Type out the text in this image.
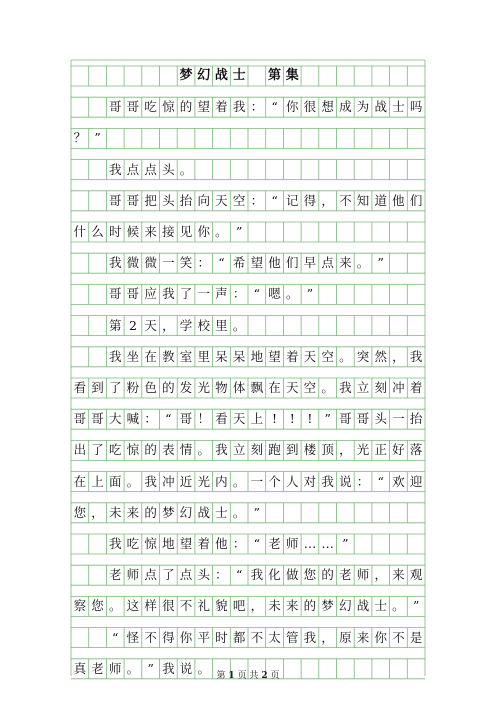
梦 幻 战 士 第 集
哥 哥 吃 惊 的 望 着 我 ： “ 你 很 想 成 为 战 士 吗
？ ”
我 点 点 头 。
哥 哥 把 头 抬 向 天 空 ： “ 记 得 ， 不 知 道 他 们
什 么 时 候 来 接 见 你 。 ”
我 微 微 一 笑 ： “ 希 望 他 们 早 点 来 。 ”
哥 哥 应 我 了 一 声 ： “ 嗯 。 ”
第 2 天 ， 学 校 里 。
我 坐 在 教 室 里 呆 呆 地 望 着 天 空 。 突 然 ， 我
看 到 了 粉 色 的 发 光 物 体 飘 在 天 空 。 我 立 刻 冲 着
哥 哥 大 喊 ： “ 哥 ！ 看 天 上 !	!	! ” 哥 哥 头 一 抬
出 了 吃 惊 的 表 情 。 我 立 刻 跑 到 楼 顶 ， 光 正 好 落
在 上 面 。 我 冲 近 光 内 。 一 个 人 对 我 说 ： “ 欢 迎
您 ， 未 来 的 梦 幻 战 士 。 ”
我 吃 惊 地 望 着 他 ： “ 老 师 … … ”
老 师 点 了 点 头 ： “ 我 化 做 您 的 老 师 ， 来 观
察 您 。 这 样 很 不 礼 貌 吧 ， 未 来 的 梦 幻 战 士 。 ”
“ 怪 不 得 你 平 时 都 不 太 管 我 ， 原 来 你 不 是
真 老 师 。 ” 我 说 。
第 1 页 共 2 页
